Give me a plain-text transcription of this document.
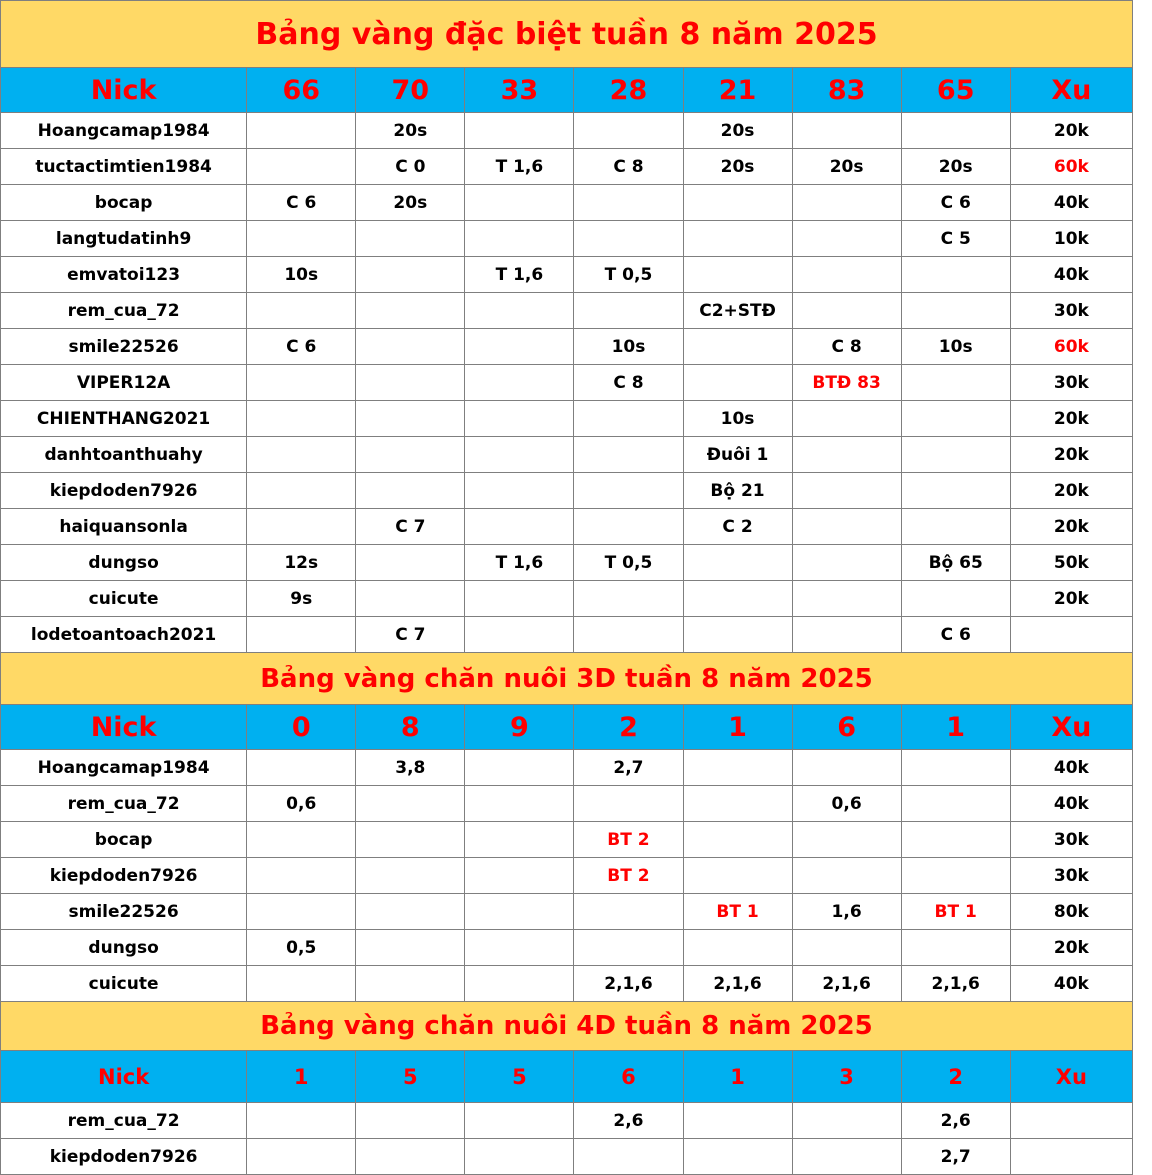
Bảng vàng đặc biệt tuần 8 năm 2025								
Nick	66	70	33	28	21	83	65	Xu
Hoangcamap1984		20s			20s			20k
tuctactimtien1984		C 0	T 1,6	C 8	20s	20s	20s	60k
bocap	C 6	20s					C 6	40k
langtudatinh9							C 5	10k
emvatoi123	10s		T 1,6	T 0,5				40k
rem_cua_72					C2+STĐ			30k
smile22526	C 6			10s		C 8	10s	60k
VIPER12A				C 8		BTĐ 83		30k
CHIENTHANG2021					10s			20k
danhtoanthuahy					Đuôi 1			20k
kiepdoden7926					Bộ 21			20k
haiquansonla		C 7			C 2			20k
dungso	12s		T 1,6	T 0,5			Bộ 65	50k
cuicute	9s							20k
lodetoantoach2021		C 7					C 6	
Bảng vàng chăn nuôi 3D tuần 8 năm 2025								
Nick	0	8	9	2	1	6	1	Xu
Hoangcamap1984		3,8		2,7				40k
rem_cua_72	0,6					0,6		40k
bocap				BT 2				30k
kiepdoden7926				BT 2				30k
smile22526					BT 1	1,6	BT 1	80k
dungso	0,5							20k
cuicute				2,1,6	2,1,6	2,1,6	2,1,6	40k
Bảng vàng chăn nuôi 4D tuần 8 năm 2025								
Nick	1	5	5	6	1	3	2	Xu
rem_cua_72				2,6			2,6	
kiepdoden7926							2,7	
